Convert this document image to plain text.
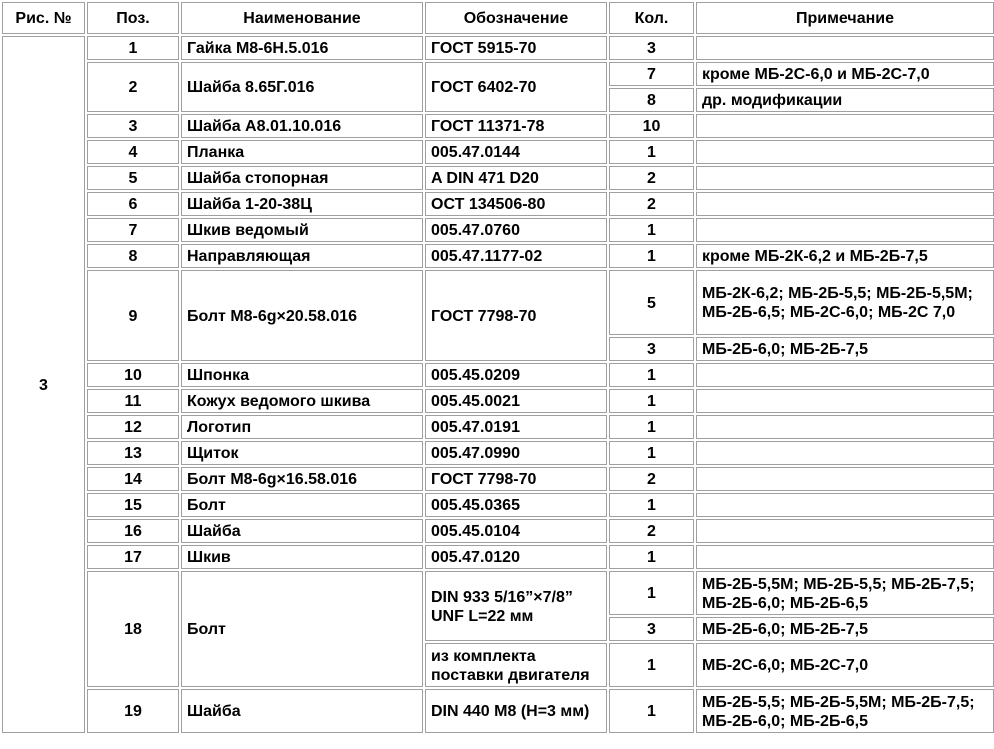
Рис. №	Поз.	Наименование	Обозначение	Кол.	Примечание
3	1	Гайка М8-6Н.5.016	ГОСТ 5915-70	3	
	2	Шайба 8.65Г.016	ГОСТ 6402-70	7	кроме МБ-2С-6,0 и МБ-2С-7,0
				8	др. модификации
	3	Шайба А8.01.10.016	ГОСТ 11371-78	10	
	4	Планка	005.47.0144	1	
	5	Шайба стопорная	A DIN 471 D20	2	
	6	Шайба 1-20-38Ц	ОСТ 134506-80	2	
	7	Шкив ведомый	005.47.0760	1	
	8	Направляющая	005.47.1177-02	1	кроме МБ-2К-6,2 и МБ-2Б-7,5
	9	Болт М8-6g×20.58.016	ГОСТ 7798-70	5	МБ-2К-6,2; МБ-2Б-5,5; МБ-2Б-5,5М; МБ-2Б-6,5; МБ-2С-6,0; МБ-2С 7,0
				3	МБ-2Б-6,0; МБ-2Б-7,5
	10	Шпонка	005.45.0209	1	
	11	Кожух ведомого шкива	005.45.0021	1	
	12	Логотип	005.47.0191	1	
	13	Щиток	005.47.0990	1	
	14	Болт М8-6g×16.58.016	ГОСТ 7798-70	2	
	15	Болт	005.45.0365	1	
	16	Шайба	005.45.0104	2	
	17	Шкив	005.47.0120	1	
	18	Болт	DIN 933 5/16”×7/8” UNF L=22 мм	1	МБ-2Б-5,5М; МБ-2Б-5,5; МБ-2Б-7,5; МБ-2Б-6,0; МБ-2Б-6,5
				3	МБ-2Б-6,0; МБ-2Б-7,5
			из комплекта поставки двигателя	1	МБ-2С-6,0; МБ-2С-7,0
	19	Шайба	DIN 440 М8 (Н=3 мм)	1	МБ-2Б-5,5; МБ-2Б-5,5М; МБ-2Б-7,5; МБ-2Б-6,0; МБ-2Б-6,5
